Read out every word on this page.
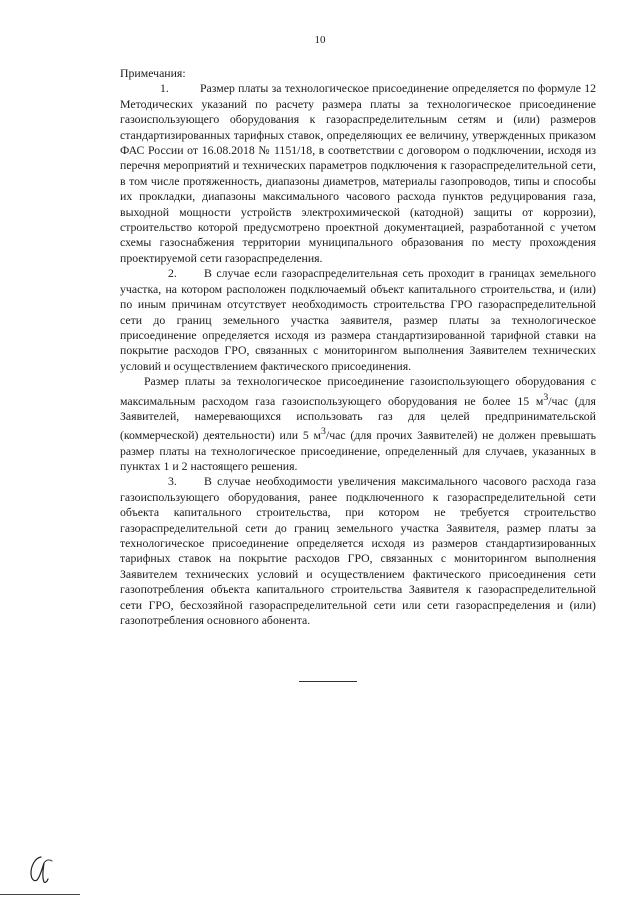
10

Примечания:

1.	Размер платы за технологическое присоединение определяется по формуле 12 Методических указаний по расчету размера платы за технологическое присоединение газоиспользующего оборудования к газораспределительным сетям и (или) размеров стандартизированных тарифных ставок, определяющих ее величину, утвержденных приказом ФАС России от 16.08.2018 № 1151/18, в соответствии с договором о подключении, исходя из перечня мероприятий и технических параметров подключения к газораспределительной сети, в том числе протяженность, диапазоны диаметров, материалы газопроводов, типы и способы их прокладки, диапазоны максимального часового расхода пунктов редуцирования газа, выходной мощности устройств электрохимической (катодной) защиты от коррозии), строительство которой предусмотрено проектной документацией, разработанной с учетом схемы газоснабжения территории муниципального образования по месту прохождения проектируемой сети газораспределения.

2. В случае если газораспределительная сеть проходит в границах земельного участка, на котором расположен подключаемый объект капитального строительства, и (или) по иным причинам отсутствует необходимость строительства ГРО газораспределительной сети до границ земельного участка заявителя, размер платы за технологическое присоединение определяется исходя из размера стандартизированной тарифной ставки на покрытие расходов ГРО, связанных с мониторингом выполнения Заявителем технических условий и осуществлением фактического присоединения.

Размер платы за технологическое присоединение газоиспользующего оборудования с максимальным расходом газа газоиспользующего оборудования не более 15 $м^3$/час (для Заявителей, намеревающихся использовать газ для целей предпринимательской (коммерческой) деятельности) или 5 $м^3$/час (для прочих Заявителей) не должен превышать размер платы на технологическое присоединение, определенный для случаев, указанных в пунктах 1 и 2 настоящего решения.

3. В случае необходимости увеличения максимального часового расхода газа газоиспользующего оборудования, ранее подключенного к газораспределительной сети объекта капитального строительства, при котором не требуется строительство газораспределительной сети до границ земельного участка Заявителя, размер платы за технологическое присоединение определяется исходя из размеров стандартизированных тарифных ставок на покрытие расходов ГРО, связанных с мониторингом выполнения Заявителем технических условий и осуществлением фактического присоединения сети газопотребления объекта капитального строительства Заявителя к газораспределительной сети ГРО, бесхозяйной газораспределительной сети или сети газораспределения и (или) газопотребления основного абонента.
